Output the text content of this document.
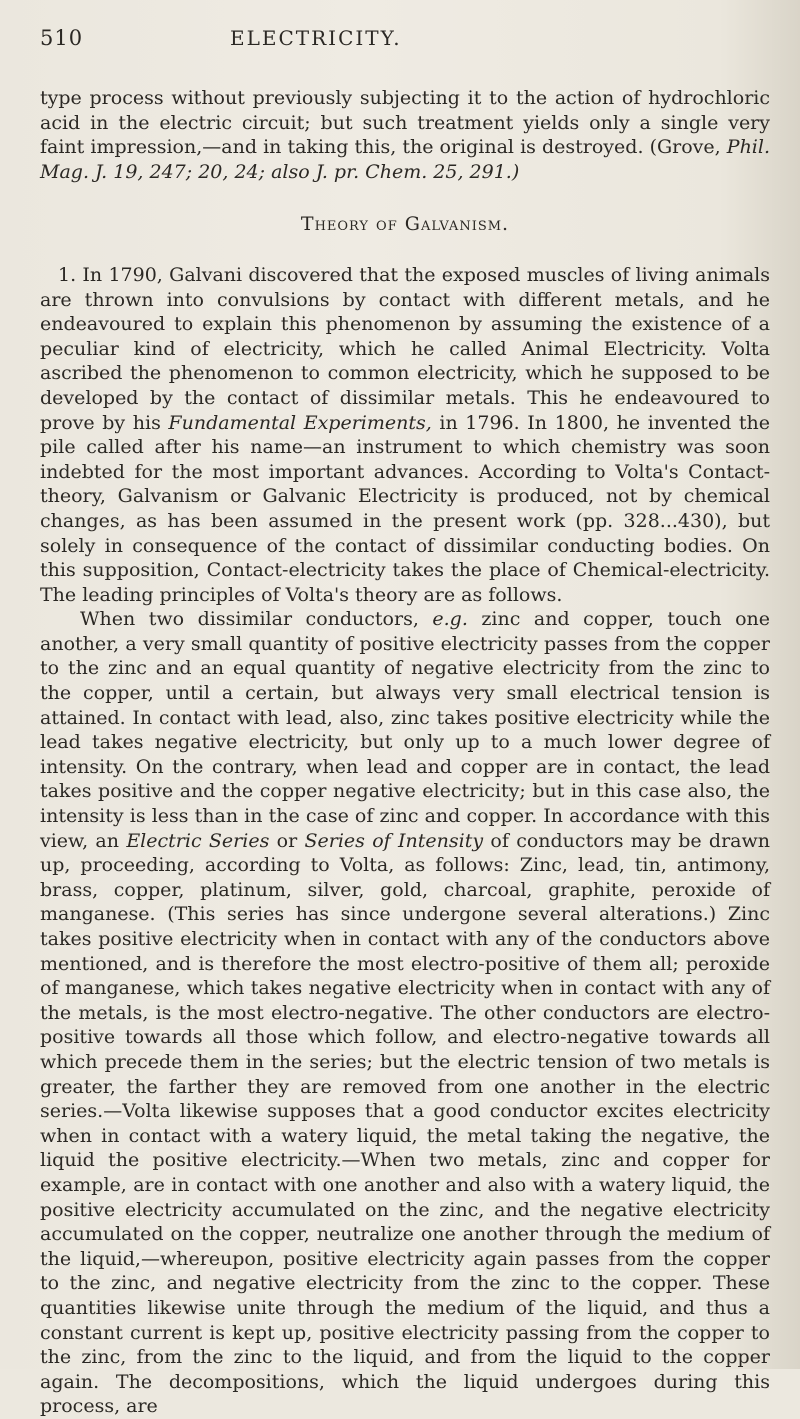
510	ELECTRICITY.

type process without previously subjecting it to the action of hydrochloric acid in the electric circuit; but such treatment yields only a single very faint impression,—and in taking this, the original is destroyed. (Grove, Phil. Mag. J. 19, 247; 20, 24; also J. pr. Chem. 25, 291.)

Theory of Galvanism.

1. In 1790, Galvani discovered that the exposed muscles of living animals are thrown into convulsions by contact with different metals, and he endeavoured to explain this phenomenon by assuming the existence of a peculiar kind of electricity, which he called Animal Electricity. Volta ascribed the phenomenon to common electricity, which he supposed to be developed by the contact of dissimilar metals. This he endeavoured to prove by his Fundamental Experiments, in 1796. In 1800, he invented the pile called after his name—an instrument to which chemistry was soon indebted for the most important advances. According to Volta's Contact-theory, Galvanism or Galvanic Electricity is produced, not by chemical changes, as has been assumed in the present work (pp. 328...430), but solely in consequence of the contact of dissimilar conducting bodies. On this supposition, Contact-electricity takes the place of Chemical-electricity. The leading principles of Volta's theory are as follows.

When two dissimilar conductors, e.g. zinc and copper, touch one another, a very small quantity of positive electricity passes from the copper to the zinc and an equal quantity of negative electricity from the zinc to the copper, until a certain, but always very small electrical tension is attained. In contact with lead, also, zinc takes positive electricity while the lead takes negative electricity, but only up to a much lower degree of intensity. On the contrary, when lead and copper are in contact, the lead takes positive and the copper negative electricity; but in this case also, the intensity is less than in the case of zinc and copper. In accordance with this view, an Electric Series or Series of Intensity of conductors may be drawn up, proceeding, according to Volta, as follows: Zinc, lead, tin, antimony, brass, copper, platinum, silver, gold, charcoal, graphite, peroxide of manganese. (This series has since undergone several alterations.) Zinc takes positive electricity when in contact with any of the conductors above mentioned, and is therefore the most electro-positive of them all; peroxide of manganese, which takes negative electricity when in contact with any of the metals, is the most electro-negative. The other conductors are electro-positive towards all those which follow, and electro-negative towards all which precede them in the series; but the electric tension of two metals is greater, the farther they are removed from one another in the electric series.—Volta likewise supposes that a good conductor excites electricity when in contact with a watery liquid, the metal taking the negative, the liquid the positive electricity.—When two metals, zinc and copper for example, are in contact with one another and also with a watery liquid, the positive electricity accumulated on the zinc, and the negative electricity accumulated on the copper, neutralize one another through the medium of the liquid,—whereupon, positive electricity again passes from the copper to the zinc, and negative electricity from the zinc to the copper. These quantities likewise unite through the medium of the liquid, and thus a constant current is kept up, positive electricity passing from the copper to the zinc, from the zinc to the liquid, and from the liquid to the copper again. The decompositions, which the liquid undergoes during this process, are
